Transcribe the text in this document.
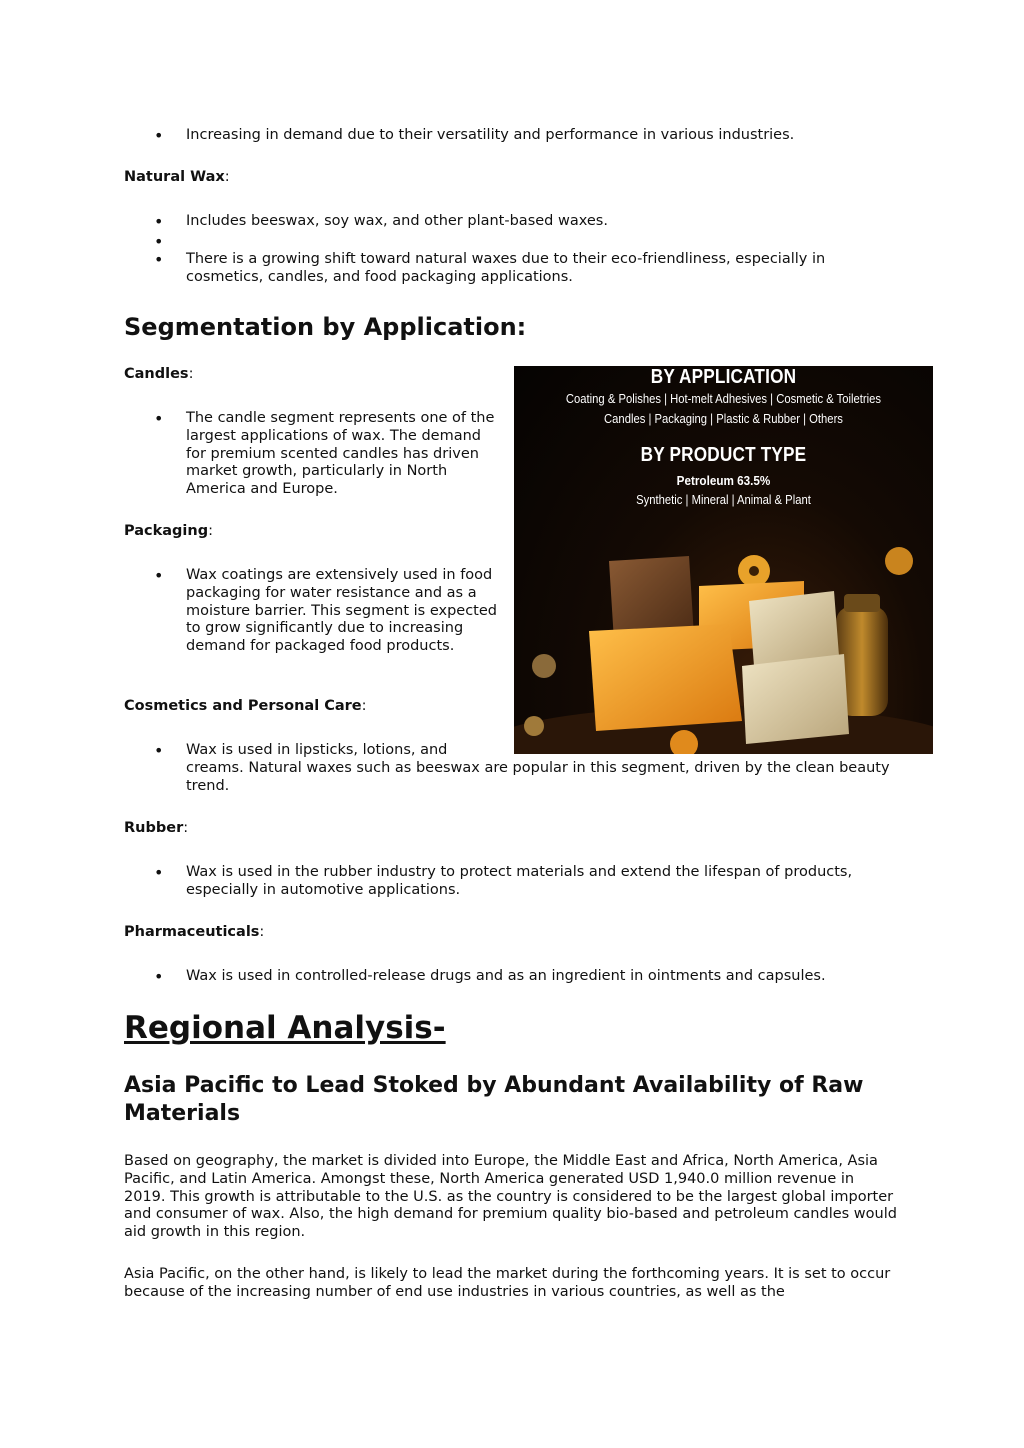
• Increasing in demand due to their versatility and performance in various industries.

Natural Wax:

• Includes beeswax, soy wax, and other plant-based waxes.
•
• There is a growing shift toward natural waxes due to their eco-friendliness, especially in cosmetics, candles, and food packaging applications.
Segmentation by Application:

Candles:

• The candle segment represents one of the largest applications of wax. The demand for premium scented candles has driven market growth, particularly in North America and Europe.

Packaging:

• Wax coatings are extensively used in food packaging for water resistance and as a moisture barrier. This segment is expected to grow significantly due to increasing demand for packaged food products.

Cosmetics and Personal Care:

• Wax is used in lipsticks, lotions, and
creams. Natural waxes such as beeswax are popular in this segment, driven by the clean beauty trend.

Rubber:

• Wax is used in the rubber industry to protect materials and extend the lifespan of products, especially in automotive applications.

Pharmaceuticals:

• Wax is used in controlled-release drugs and as an ingredient in ointments and capsules.
Regional Analysis-
Asia Pacific to Lead Stoked by Abundant Availability of Raw Materials

Based on geography, the market is divided into Europe, the Middle East and Africa, North America, Asia Pacific, and Latin America. Amongst these, North America generated USD 1,940.0 million revenue in 2019. This growth is attributable to the U.S. as the country is considered to be the largest global importer and consumer of wax. Also, the high demand for premium quality bio-based and petroleum candles would aid growth in this region.

Asia Pacific, on the other hand, is likely to lead the market during the forthcoming years. It is set to occur because of the increasing number of end use industries in various countries, as well as the

BY APPLICATION
Coating & Polishes | Hot-melt Adhesives | Cosmetic & Toiletries
Candles | Packaging | Plastic & Rubber | Others
BY PRODUCT TYPE
Petroleum 63.5%
Synthetic | Mineral | Animal & Plant
